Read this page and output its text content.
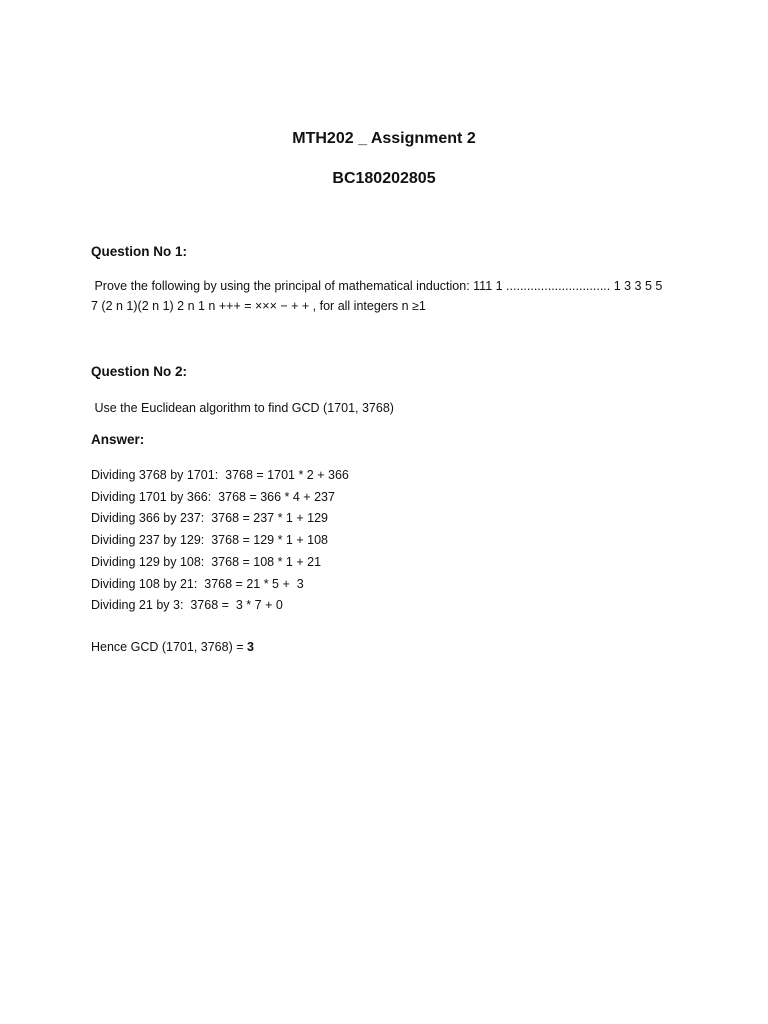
MTH202 _ Assignment 2
BC180202805
Question No 1:
Prove the following by using the principal of mathematical induction: 111 1 .............................. 1 3 3 5 5
7 (2 n 1)(2 n 1) 2 n 1 n +++ = ××× − + + , for all integers n ≥1
Question No 2:
Use the Euclidean algorithm to find GCD (1701, 3768)
Answer:
Dividing 3768 by 1701:  3768 = 1701 * 2 + 366
Dividing 1701 by 366:  3768 = 366 * 4 + 237
Dividing 366 by 237:  3768 = 237 * 1 + 129
Dividing 237 by 129:  3768 = 129 * 1 + 108
Dividing 129 by 108:  3768 = 108 * 1 + 21
Dividing 108 by 21:  3768 = 21 * 5 +  3
Dividing 21 by 3:  3768 =  3 * 7 + 0
Hence GCD (1701, 3768) = 3
